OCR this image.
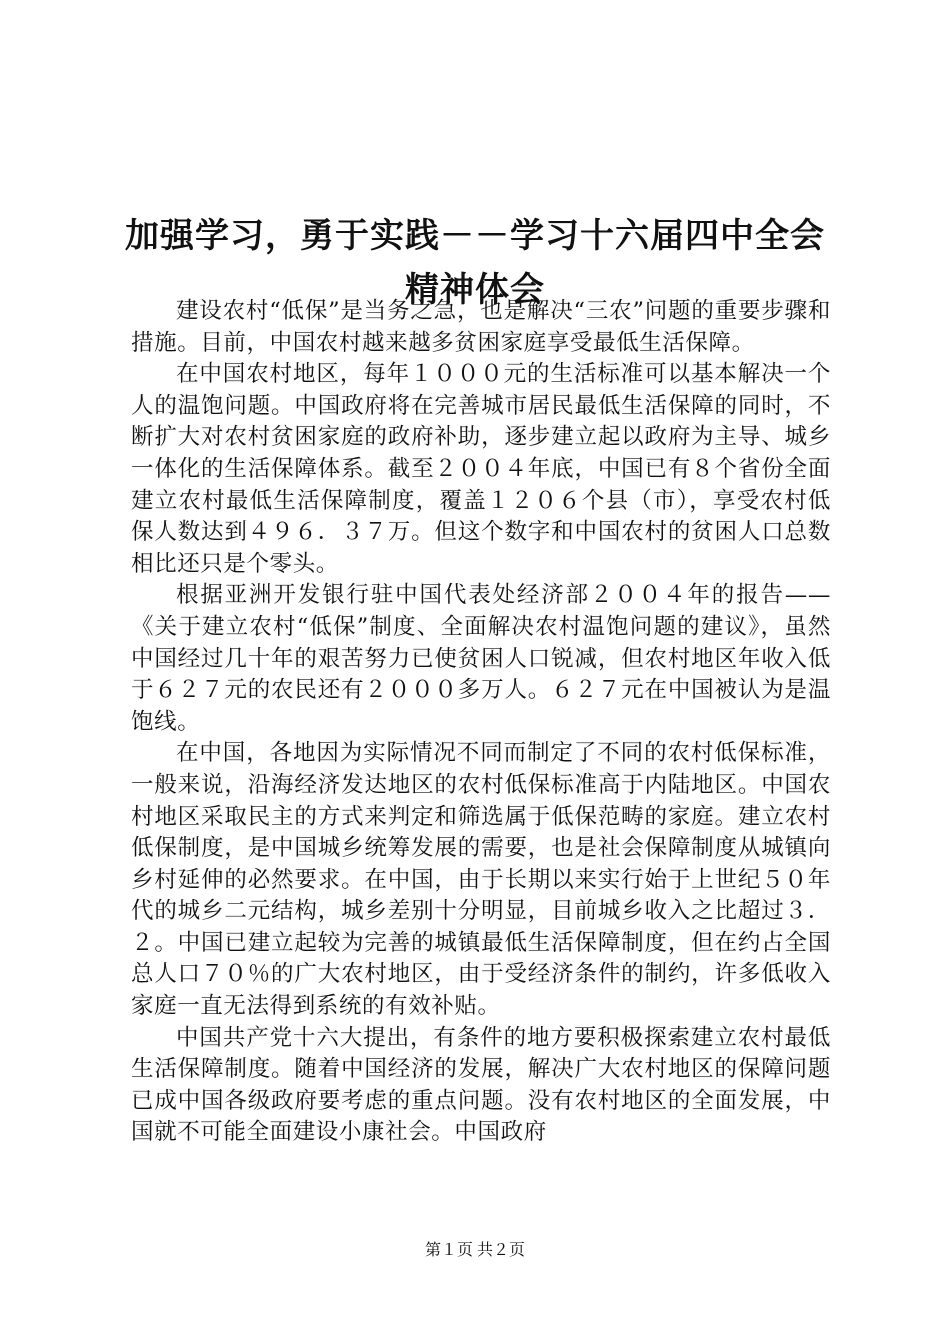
加强学习，勇于实践－－学习十六届四中全会精神体会

建设农村“低保”是当务之急，也是解决“三农”问题的重要步骤和措施。目前，中国农村越来越多贫困家庭享受最低生活保障。

在中国农村地区，每年１０００元的生活标准可以基本解决一个人的温饱问题。中国政府将在完善城市居民最低生活保障的同时，不断扩大对农村贫困家庭的政府补助，逐步建立起以政府为主导、城乡一体化的生活保障体系。截至２００４年底，中国已有８个省份全面建立农村最低生活保障制度，覆盖１２０６个县（市），享受农村低保人数达到４９６．３７万。但这个数字和中国农村的贫困人口总数相比还只是个零头。

根据亚洲开发银行驻中国代表处经济部２００４年的报告——《关于建立农村“低保”制度、全面解决农村温饱问题的建议》，虽然中国经过几十年的艰苦努力已使贫困人口锐减，但农村地区年收入低于６２７元的农民还有２０００多万人。６２７元在中国被认为是温饱线。

在中国，各地因为实际情况不同而制定了不同的农村低保标准，一般来说，沿海经济发达地区的农村低保标准高于内陆地区。中国农村地区采取民主的方式来判定和筛选属于低保范畴的家庭。建立农村低保制度，是中国城乡统筹发展的需要，也是社会保障制度从城镇向乡村延伸的必然要求。在中国，由于长期以来实行始于上世纪５０年代的城乡二元结构，城乡差别十分明显，目前城乡收入之比超过３．２。中国已建立起较为完善的城镇最低生活保障制度，但在约占全国总人口７０％的广大农村地区，由于受经济条件的制约，许多低收入家庭一直无法得到系统的有效补贴。

中国共产党十六大提出，有条件的地方要积极探索建立农村最低生活保障制度。随着中国经济的发展，解决广大农村地区的保障问题已成中国各级政府要考虑的重点问题。没有农村地区的全面发展，中国就不可能全面建设小康社会。中国政府

第１页 共２页
